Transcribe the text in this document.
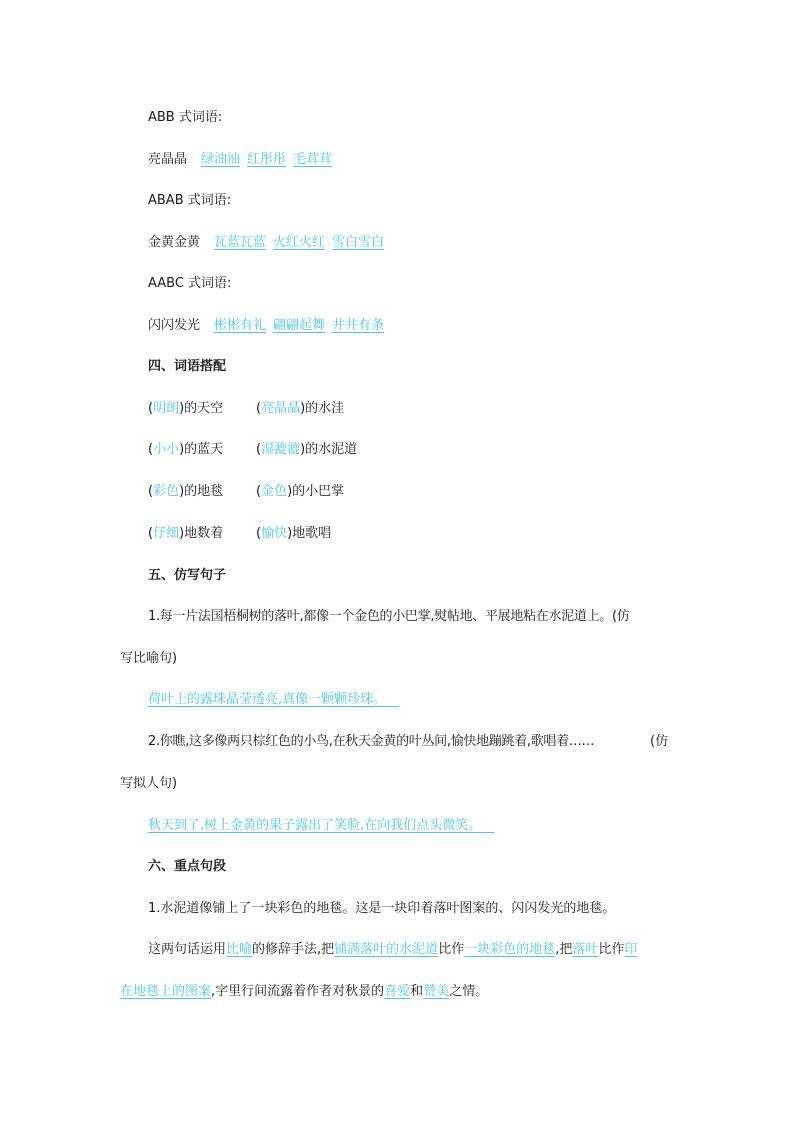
ABB 式词语:
亮晶晶 绿油油 红彤彤 毛茸茸
ABAB 式词语:
金黄金黄 瓦蓝瓦蓝 火红火红 雪白雪白
AABC 式词语:
闪闪发光 彬彬有礼 翩翩起舞 井井有条
四、词语搭配
(明朗)的天空	(亮晶晶)的水洼
(小小)的蓝天	(湿漉漉)的水泥道
(彩色)的地毯	(金色)的小巴掌
(仔细)地数着	(愉快)地歌唱
五、仿写句子
1.每一片法国梧桐树的落叶,都像一个金色的小巴掌,熨帖地、平展地粘在水泥道上。(仿
写比喻句)
荷叶上的露珠晶莹透亮,真像一颗颗珍珠。 
2.你瞧,这多像两只棕红色的小鸟,在秋天金黄的叶丛间,愉快地蹦跳着,歌唱着……	(仿
写拟人句)
秋天到了,树上金黄的果子露出了笑脸,在向我们点头微笑。 
六、重点句段
1.水泥道像铺上了一块彩色的地毯。这是一块印着落叶图案的、闪闪发光的地毯。
这两句话运用比喻的修辞手法,把铺满落叶的水泥道比作一块彩色的地毯,把落叶比作印
在地毯上的图案,字里行间流露着作者对秋景的喜爱和赞美之情。
